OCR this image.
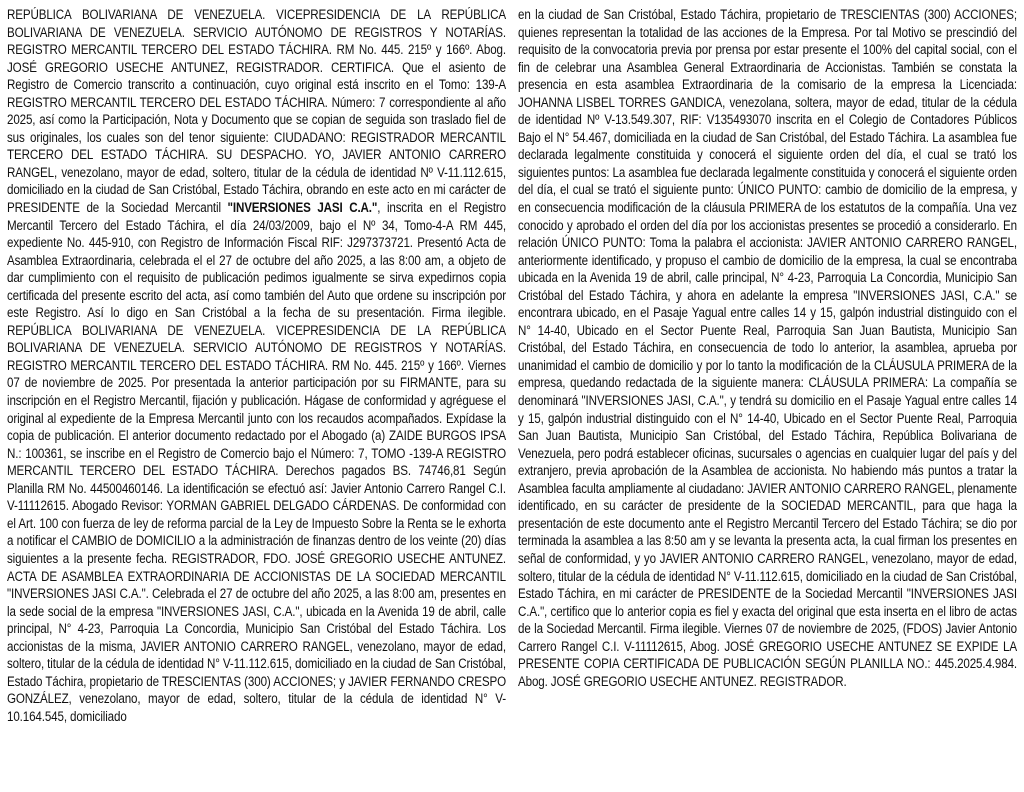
REPÚBLICA BOLIVARIANA DE VENEZUELA. VICEPRESIDENCIA DE LA REPÚBLICA BOLIVARIANA DE VENEZUELA. SERVICIO AUTÓNOMO DE REGISTROS Y NOTARÍAS. REGISTRO MERCANTIL TERCERO DEL ESTADO TÁCHIRA. RM No. 445. 215º y 166º. Abog. JOSÉ GREGORIO USECHE ANTUNEZ, REGISTRADOR. CERTIFICA. Que el asiento de Registro de Comercio transcrito a continuación, cuyo original está inscrito en el Tomo: 139-A REGISTRO MERCANTIL TERCERO DEL ESTADO TÁCHIRA. Número: 7 correspondiente al año 2025, así como la Participación, Nota y Documento que se copian de seguida son traslado fiel de sus originales, los cuales son del tenor siguiente: CIUDADANO: REGISTRADOR MERCANTIL TERCERO DEL ESTADO TÁCHIRA. SU DESPACHO. YO, JAVIER ANTONIO CARRERO RANGEL, venezolano, mayor de edad, soltero, titular de la cédula de identidad Nº V-11.112.615, domiciliado en la ciudad de San Cristóbal, Estado Táchira, obrando en este acto en mi carácter de PRESIDENTE de la Sociedad Mercantil "INVERSIONES JASI C.A.", inscrita en el Registro Mercantil Tercero del Estado Táchira, el día 24/03/2009, bajo el Nº 34, Tomo-4-A RM 445, expediente No. 445-910, con Registro de Información Fiscal RIF: J297373721. Presentó Acta de Asamblea Extraordinaria, celebrada el el 27 de octubre del año 2025, a las 8:00 am, a objeto de dar cumplimiento con el requisito de publicación pedimos igualmente se sirva expedirnos copia certificada del presente escrito del acta, así como también del Auto que ordene su inscripción por este Registro. Así lo digo en San Cristóbal a la fecha de su presentación. Firma ilegible. REPÚBLICA BOLIVARIANA DE VENEZUELA. VICEPRESIDENCIA DE LA REPÚBLICA BOLIVARIANA DE VENEZUELA. SERVICIO AUTÓNOMO DE REGISTROS Y NOTARÍAS. REGISTRO MERCANTIL TERCERO DEL ESTADO TÁCHIRA. RM No. 445. 215º y 166º. Viernes 07 de noviembre de 2025. Por presentada la anterior participación por su FIRMANTE, para su inscripción en el Registro Mercantil, fijación y publicación. Hágase de conformidad y agréguese el original al expediente de la Empresa Mercantil junto con los recaudos acompañados. Expídase la copia de publicación. El anterior documento redactado por el Abogado (a) ZAIDE BURGOS IPSA N.: 100361, se inscribe en el Registro de Comercio bajo el Número: 7, TOMO -139-A REGISTRO MERCANTIL TERCERO DEL ESTADO TÁCHIRA. Derechos pagados BS. 74746,81 Según Planilla RM No. 44500460146. La identificación se efectuó así: Javier Antonio Carrero Rangel C.I. V-11112615. Abogado Revisor: YORMAN GABRIEL DELGADO CÁRDENAS. De conformidad con el Art. 100 con fuerza de ley de reforma parcial de la Ley de Impuesto Sobre la Renta se le exhorta a notificar el CAMBIO de DOMICILIO a la administración de finanzas dentro de los veinte (20) días siguientes a la presente fecha. REGISTRADOR, FDO. JOSÉ GREGORIO USECHE ANTUNEZ. ACTA DE ASAMBLEA EXTRAORDINARIA DE ACCIONISTAS DE LA SOCIEDAD MERCANTIL "INVERSIONES JASI C.A.". Celebrada el 27 de octubre del año 2025, a las 8:00 am, presentes en la sede social de la empresa "INVERSIONES JASI, C.A.", ubicada en la Avenida 19 de abril, calle principal, N° 4-23, Parroquia La Concordia, Municipio San Cristóbal del Estado Táchira. Los accionistas de la misma, JAVIER ANTONIO CARRERO RANGEL, venezolano, mayor de edad, soltero, titular de la cédula de identidad N° V-11.112.615, domiciliado en la ciudad de San Cristóbal, Estado Táchira, propietario de TRESCIENTAS (300) ACCIONES; y JAVIER FERNANDO CRESPO GONZÁLEZ, venezolano, mayor de edad, soltero, titular de la cédula de identidad N° V-10.164.545, domiciliado
en la ciudad de San Cristóbal, Estado Táchira, propietario de TRESCIENTAS (300) ACCIONES; quienes representan la totalidad de las acciones de la Empresa. Por tal Motivo se prescindió del requisito de la convocatoria previa por prensa por estar presente el 100% del capital social, con el fin de celebrar una Asamblea General Extraordinaria de Accionistas. También se constata la presencia en esta asamblea Extraordinaria de la comisario de la empresa la Licenciada: JOHANNA LISBEL TORRES GANDICA, venezolana, soltera, mayor de edad, titular de la cédula de identidad Nº V-13.549.307, RIF: V135493070 inscrita en el Colegio de Contadores Públicos Bajo el N° 54.467, domiciliada en la ciudad de San Cristóbal, del Estado Táchira. La asamblea fue declarada legalmente constituida y conocerá el siguiente orden del día, el cual se trató los siguientes puntos: La asamblea fue declarada legalmente constituida y conocerá el siguiente orden del día, el cual se trató el siguiente punto: ÚNICO PUNTO: cambio de domicilio de la empresa, y en consecuencia modificación de la cláusula PRIMERA de los estatutos de la compañía. Una vez conocido y aprobado el orden del día por los accionistas presentes se procedió a considerarlo. En relación ÚNICO PUNTO: Toma la palabra el accionista: JAVIER ANTONIO CARRERO RANGEL, anteriormente identificado, y propuso el cambio de domicilio de la empresa, la cual se encontraba ubicada en la Avenida 19 de abril, calle principal, N° 4-23, Parroquia La Concordia, Municipio San Cristóbal del Estado Táchira, y ahora en adelante la empresa "INVERSIONES JASI, C.A." se encontrara ubicado, en el Pasaje Yagual entre calles 14 y 15, galpón industrial distinguido con el N° 14-40, Ubicado en el Sector Puente Real, Parroquia San Juan Bautista, Municipio San Cristóbal, del Estado Táchira, en consecuencia de todo lo anterior, la asamblea, aprueba por unanimidad el cambio de domicilio y por lo tanto la modificación de la CLÁUSULA PRIMERA de la empresa, quedando redactada de la siguiente manera: CLÁUSULA PRIMERA: La compañía se denominará "INVERSIONES JASI, C.A.", y tendrá su domicilio en el Pasaje Yagual entre calles 14 y 15, galpón industrial distinguido con el N° 14-40, Ubicado en el Sector Puente Real, Parroquia San Juan Bautista, Municipio San Cristóbal, del Estado Táchira, República Bolivariana de Venezuela, pero podrá establecer oficinas, sucursales o agencias en cualquier lugar del país y del extranjero, previa aprobación de la Asamblea de accionista. No habiendo más puntos a tratar la Asamblea faculta ampliamente al ciudadano: JAVIER ANTONIO CARRERO RANGEL, plenamente identificado, en su carácter de presidente de la SOCIEDAD MERCANTIL, para que haga la presentación de este documento ante el Registro Mercantil Tercero del Estado Táchira; se dio por terminada la asamblea a las 8:50 am y se levanta la presenta acta, la cual firman los presentes en señal de conformidad, y yo JAVIER ANTONIO CARRERO RANGEL, venezolano, mayor de edad, soltero, titular de la cédula de identidad N° V-11.112.615, domiciliado en la ciudad de San Cristóbal, Estado Táchira, en mi carácter de PRESIDENTE de la Sociedad Mercantil "INVERSIONES JASI C.A.", certifico que lo anterior copia es fiel y exacta del original que esta inserta en el libro de actas de la Sociedad Mercantil. Firma ilegible. Viernes 07 de noviembre de 2025, (FDOS) Javier Antonio Carrero Rangel C.I. V-11112615, Abog. JOSÉ GREGORIO USECHE ANTUNEZ SE EXPIDE LA PRESENTE COPIA CERTIFICADA DE PUBLICACIÓN SEGÚN PLANILLA NO.: 445.2025.4.984. Abog. JOSÉ GREGORIO USECHE ANTUNEZ. REGISTRADOR.
